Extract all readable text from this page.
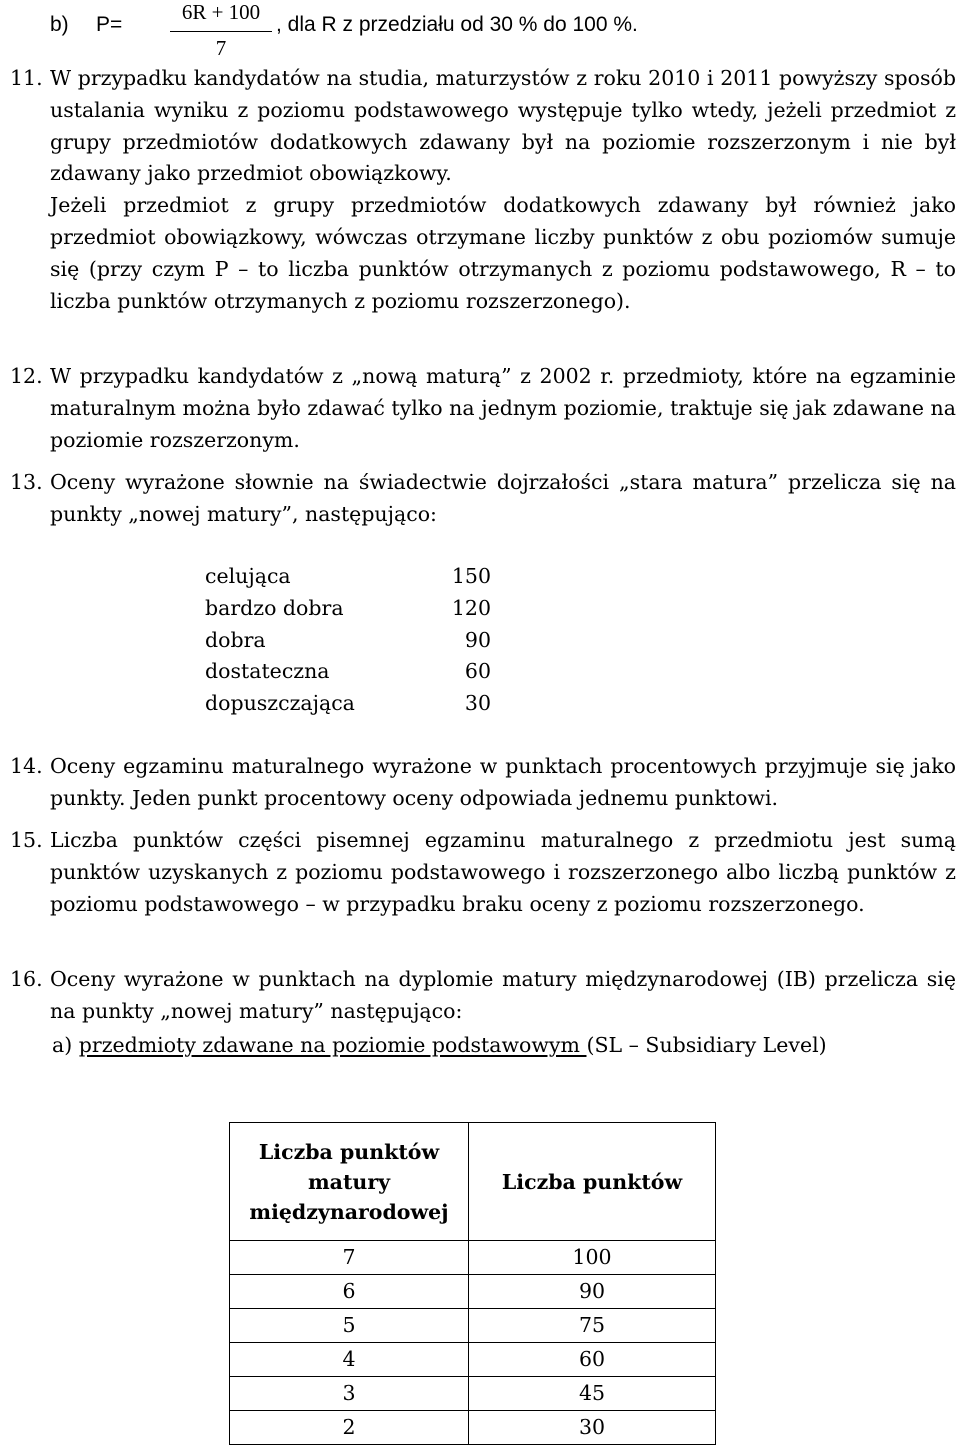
b) P=
6R + 100
7
, dla R z przedziału od 30 % do 100 %.
11. W przypadku kandydatów na studia, maturzystów z roku 2010 i 2011 powyższy sposób ustalania wyniku z poziomu podstawowego występuje tylko wtedy, jeżeli przedmiot z grupy przedmiotów dodatkowych zdawany był na poziomie rozszerzonym i nie był zdawany jako przedmiot obowiązkowy.
Jeżeli przedmiot z grupy przedmiotów dodatkowych zdawany był również jako przedmiot obowiązkowy, wówczas otrzymane liczby punktów z obu poziomów sumuje się (przy czym P – to liczba punktów otrzymanych z poziomu podstawowego, R – to liczba punktów otrzymanych z poziomu rozszerzonego).
12. W przypadku kandydatów z „nową maturą” z 2002 r. przedmioty, które na egzaminie maturalnym można było zdawać tylko na jednym poziomie, traktuje się jak zdawane na poziomie rozszerzonym.
13. Oceny wyrażone słownie na świadectwie dojrzałości „stara matura” przelicza się na punkty „nowej matury”, następująco:
celująca	150
bardzo dobra	120
dobra	90
dostateczna	60
dopuszczająca	30
14. Oceny egzaminu maturalnego wyrażone w punktach procentowych przyjmuje się jako punkty. Jeden punkt procentowy oceny odpowiada jednemu punktowi.
15. Liczba punktów części pisemnej egzaminu maturalnego z przedmiotu jest sumą punktów uzyskanych z poziomu podstawowego i rozszerzonego albo liczbą punktów z poziomu podstawowego – w przypadku braku oceny z poziomu rozszerzonego.
16. Oceny wyrażone w punktach na dyplomie matury międzynarodowej (IB) przelicza się na punkty „nowej matury” następująco:
a) przedmioty zdawane na poziomie podstawowym (SL – Subsidiary Level)
Liczba punktów matury międzynarodowej	Liczba punktów
7	100
6	90
5	75
4	60
3	45
2	30
